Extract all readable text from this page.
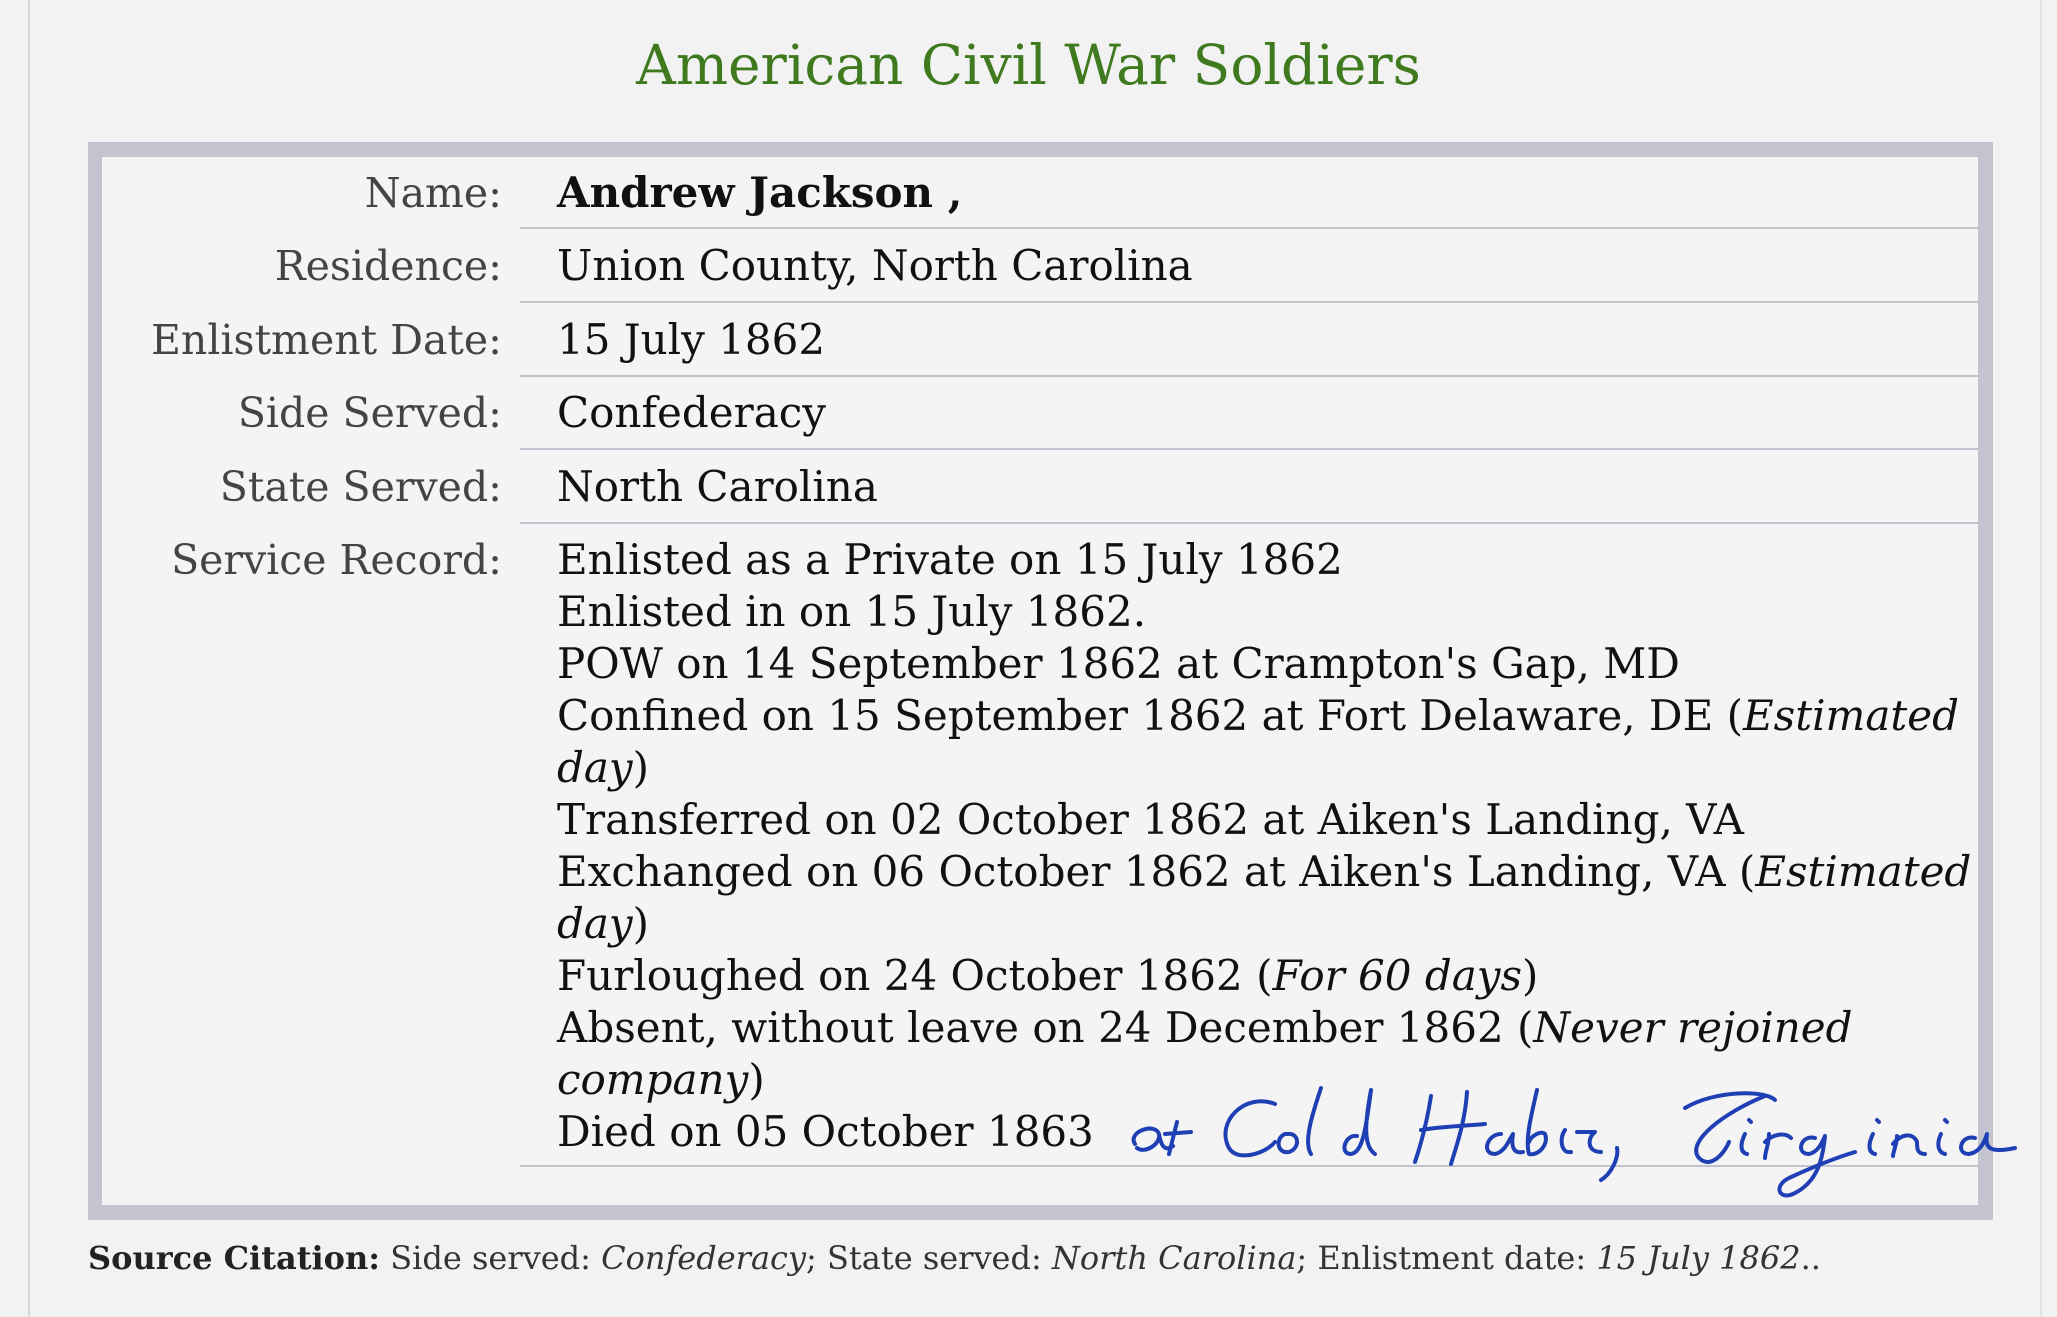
American Civil War Soldiers
Name: Andrew Jackson ,
Residence: Union County, North Carolina
Enlistment Date: 15 July 1862
Side Served: Confederacy
State Served: North Carolina
Service Record: Enlisted as a Private on 15 July 1862
Enlisted in on 15 July 1862.
POW on 14 September 1862 at Crampton's Gap, MD
Confined on 15 September 1862 at Fort Delaware, DE (Estimated day)
Transferred on 02 October 1862 at Aiken's Landing, VA
Exchanged on 06 October 1862 at Aiken's Landing, VA (Estimated day)
Furloughed on 24 October 1862 (For 60 days)
Absent, without leave on 24 December 1862 (Never rejoined company)
Died on 05 October 1863
Source Citation: Side served: Confederacy; State served: North Carolina; Enlistment date: 15 July 1862..
